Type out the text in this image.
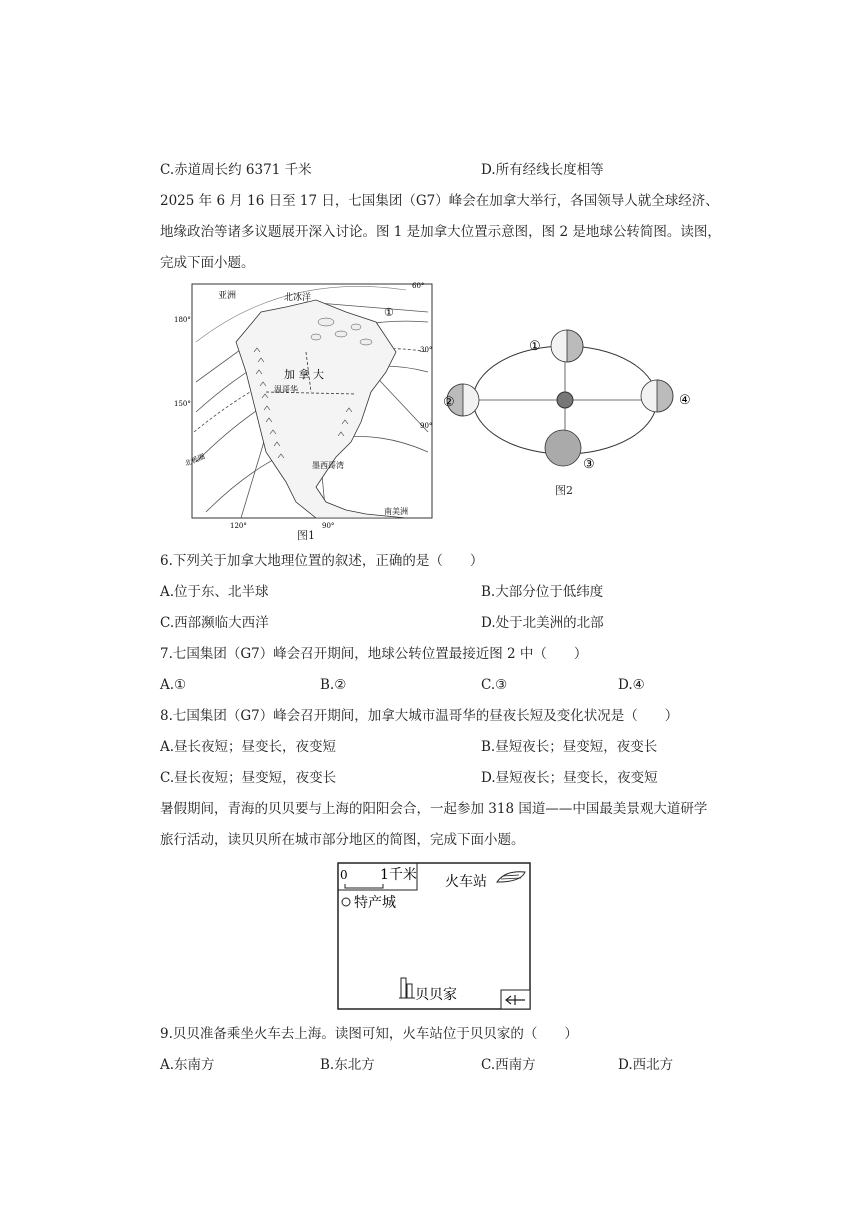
C.赤道周长约 6371 千米	D.所有经线长度相等
2025 年 6 月 16 日至 17 日，七国集团（G7）峰会在加拿大举行，各国领导人就全球经济、
地缘政治等诸多议题展开深入讨论。图 1 是加拿大位置示意图，图 2 是地球公转简图。读图，
完成下面小题。
亚洲	北冰洋
加 拿 大
温哥华
北极圈	墨西哥湾
南美洲
①
60°
180°
150°
30°
90°
120°	90°
图1
①
②
③
④
图2
6.下列关于加拿大地理位置的叙述，正确的是（　　）
A.位于东、北半球	B.大部分位于低纬度
C.西部濒临大西洋	D.处于北美洲的北部
7.七国集团（G7）峰会召开期间，地球公转位置最接近图 2 中（　　）
A.①	B.②	C.③	D.④
8.七国集团（G7）峰会召开期间，加拿大城市温哥华的昼夜长短及变化状况是（　　）
A.昼长夜短；昼变长，夜变短	B.昼短夜长；昼变短，夜变长
C.昼长夜短；昼变短，夜变长	D.昼短夜长；昼变长，夜变短
暑假期间，青海的贝贝要与上海的阳阳会合，一起参加 318 国道——中国最美景观大道研学
旅行活动，读贝贝所在城市部分地区的简图，完成下面小题。
0 1千米 火车站
特产城
贝贝家
9.贝贝准备乘坐火车去上海。读图可知，火车站位于贝贝家的（　　）
A.东南方	B.东北方	C.西南方	D.西北方
